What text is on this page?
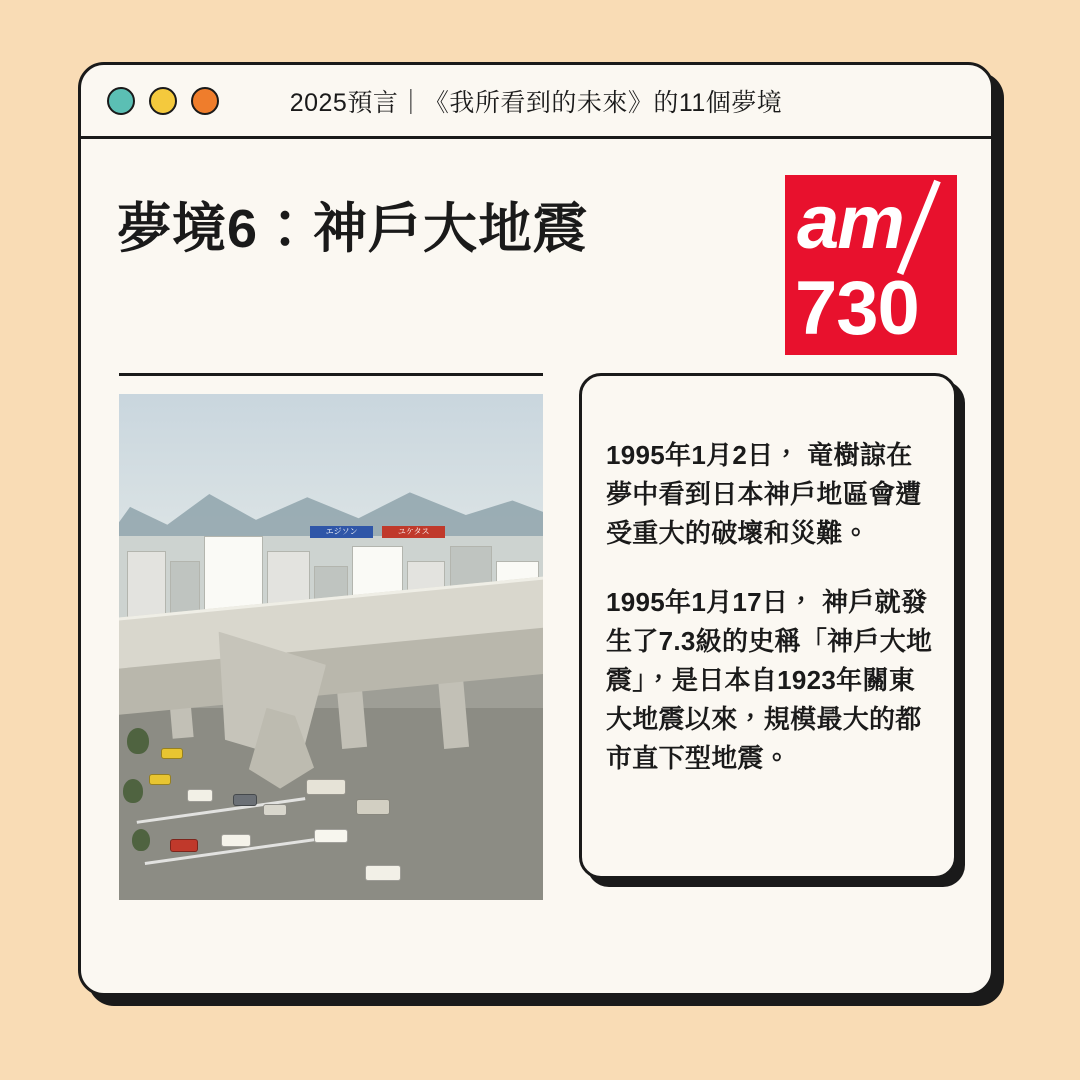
2025預言｜《我所看到的未來》的11個夢境
夢境6：神戶大地震	am
730
エジソン	ユケタス

1995年1月2日， 竜樹諒在夢中看到日本神戶地區會遭受重大的破壞和災難。

1995年1月17日， 神戶就發生了7.3級的史稱「神戶大地震」，是日本自1923年關東大地震以來，規模最大的都市直下型地震。
